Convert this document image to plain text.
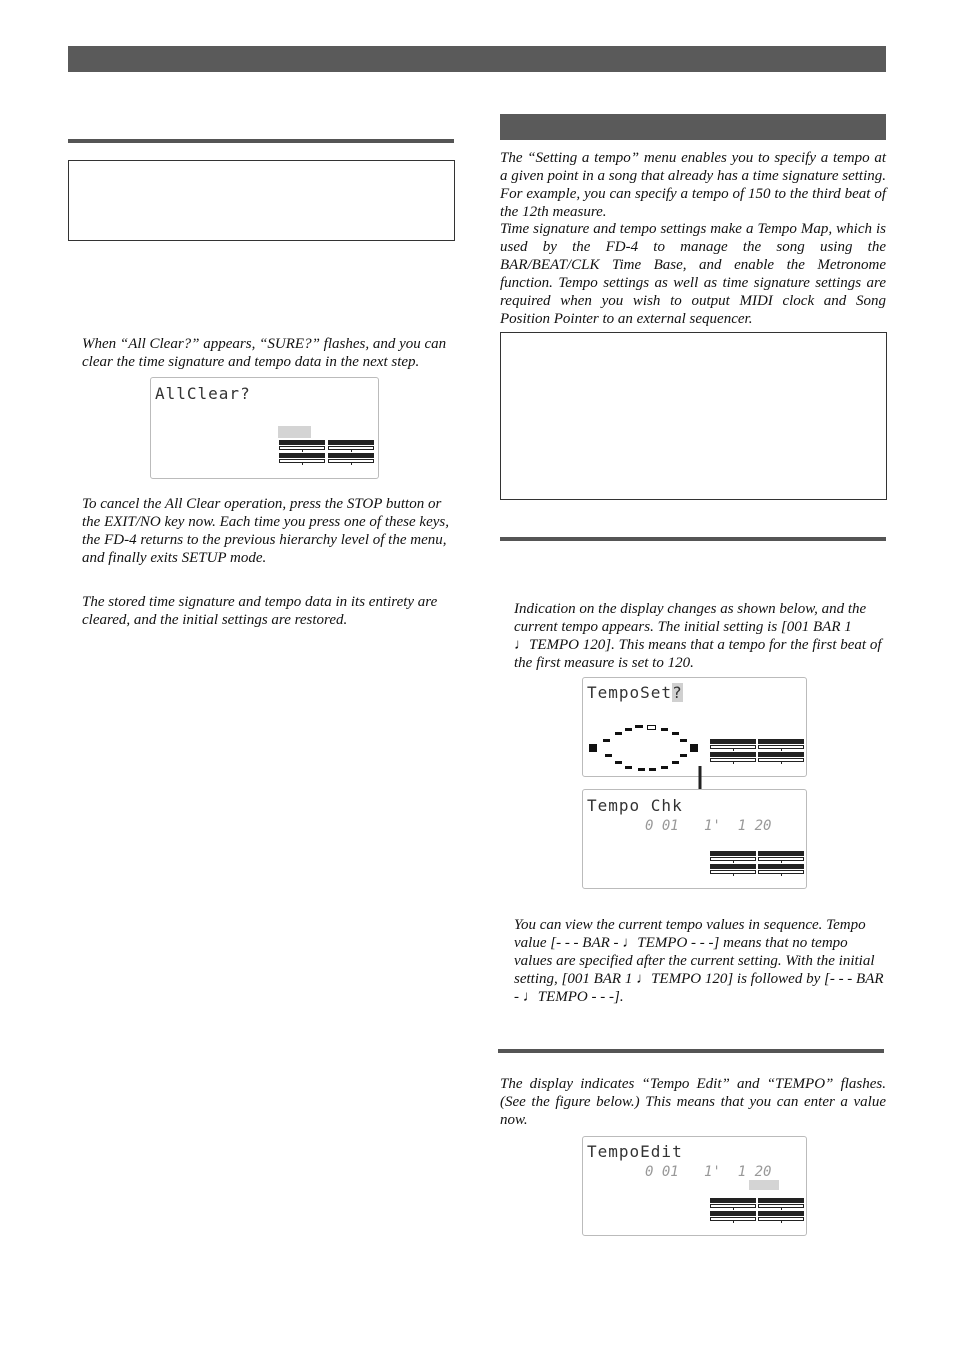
When “All Clear?” appears, “SURE?” flashes, and you can clear the time signature and tempo data in the next step.
AllClear?
To cancel the All Clear operation, press the STOP button or the EXIT/NO key now. Each time you press one of these keys, the FD-4 returns to the previous hierarchy level of the menu, and finally exits SETUP mode.
The stored time signature and tempo data in its entirety are cleared, and the initial settings are restored.
The “Setting a tempo” menu enables you to specify a tempo at a given point in a song that already has a time signature setting. For example, you can specify a tempo of 150 to the third beat of the 12th measure.
Time signature and tempo settings make a Tempo Map, which is used by the FD-4 to manage the song using the BAR/BEAT/CLK Time Base, and enable the Metronome function. Tempo settings as well as time signature settings are required when you wish to output MIDI clock and Song Position Pointer to an external sequencer.
Indication on the display changes as shown below, and the current tempo appears. The initial setting is [001 BAR 1 ♩TEMPO 120]. This means that a tempo for the first beat of the first measure is set to 120.
TempoSet?
Tempo Chk
0 01   1'  1 20
You can view the current tempo values in sequence. Tempo value [- - - BAR - ♩TEMPO - - -] means that no tempo values are specified after the current setting. With the initial setting, [001 BAR 1 ♩TEMPO 120] is followed by [- - - BAR - ♩TEMPO - - -].
The display indicates “Tempo Edit” and “TEMPO” flashes. (See the figure below.) This means that you can enter a value now.
TempoEdit
0 01   1'  1 20
